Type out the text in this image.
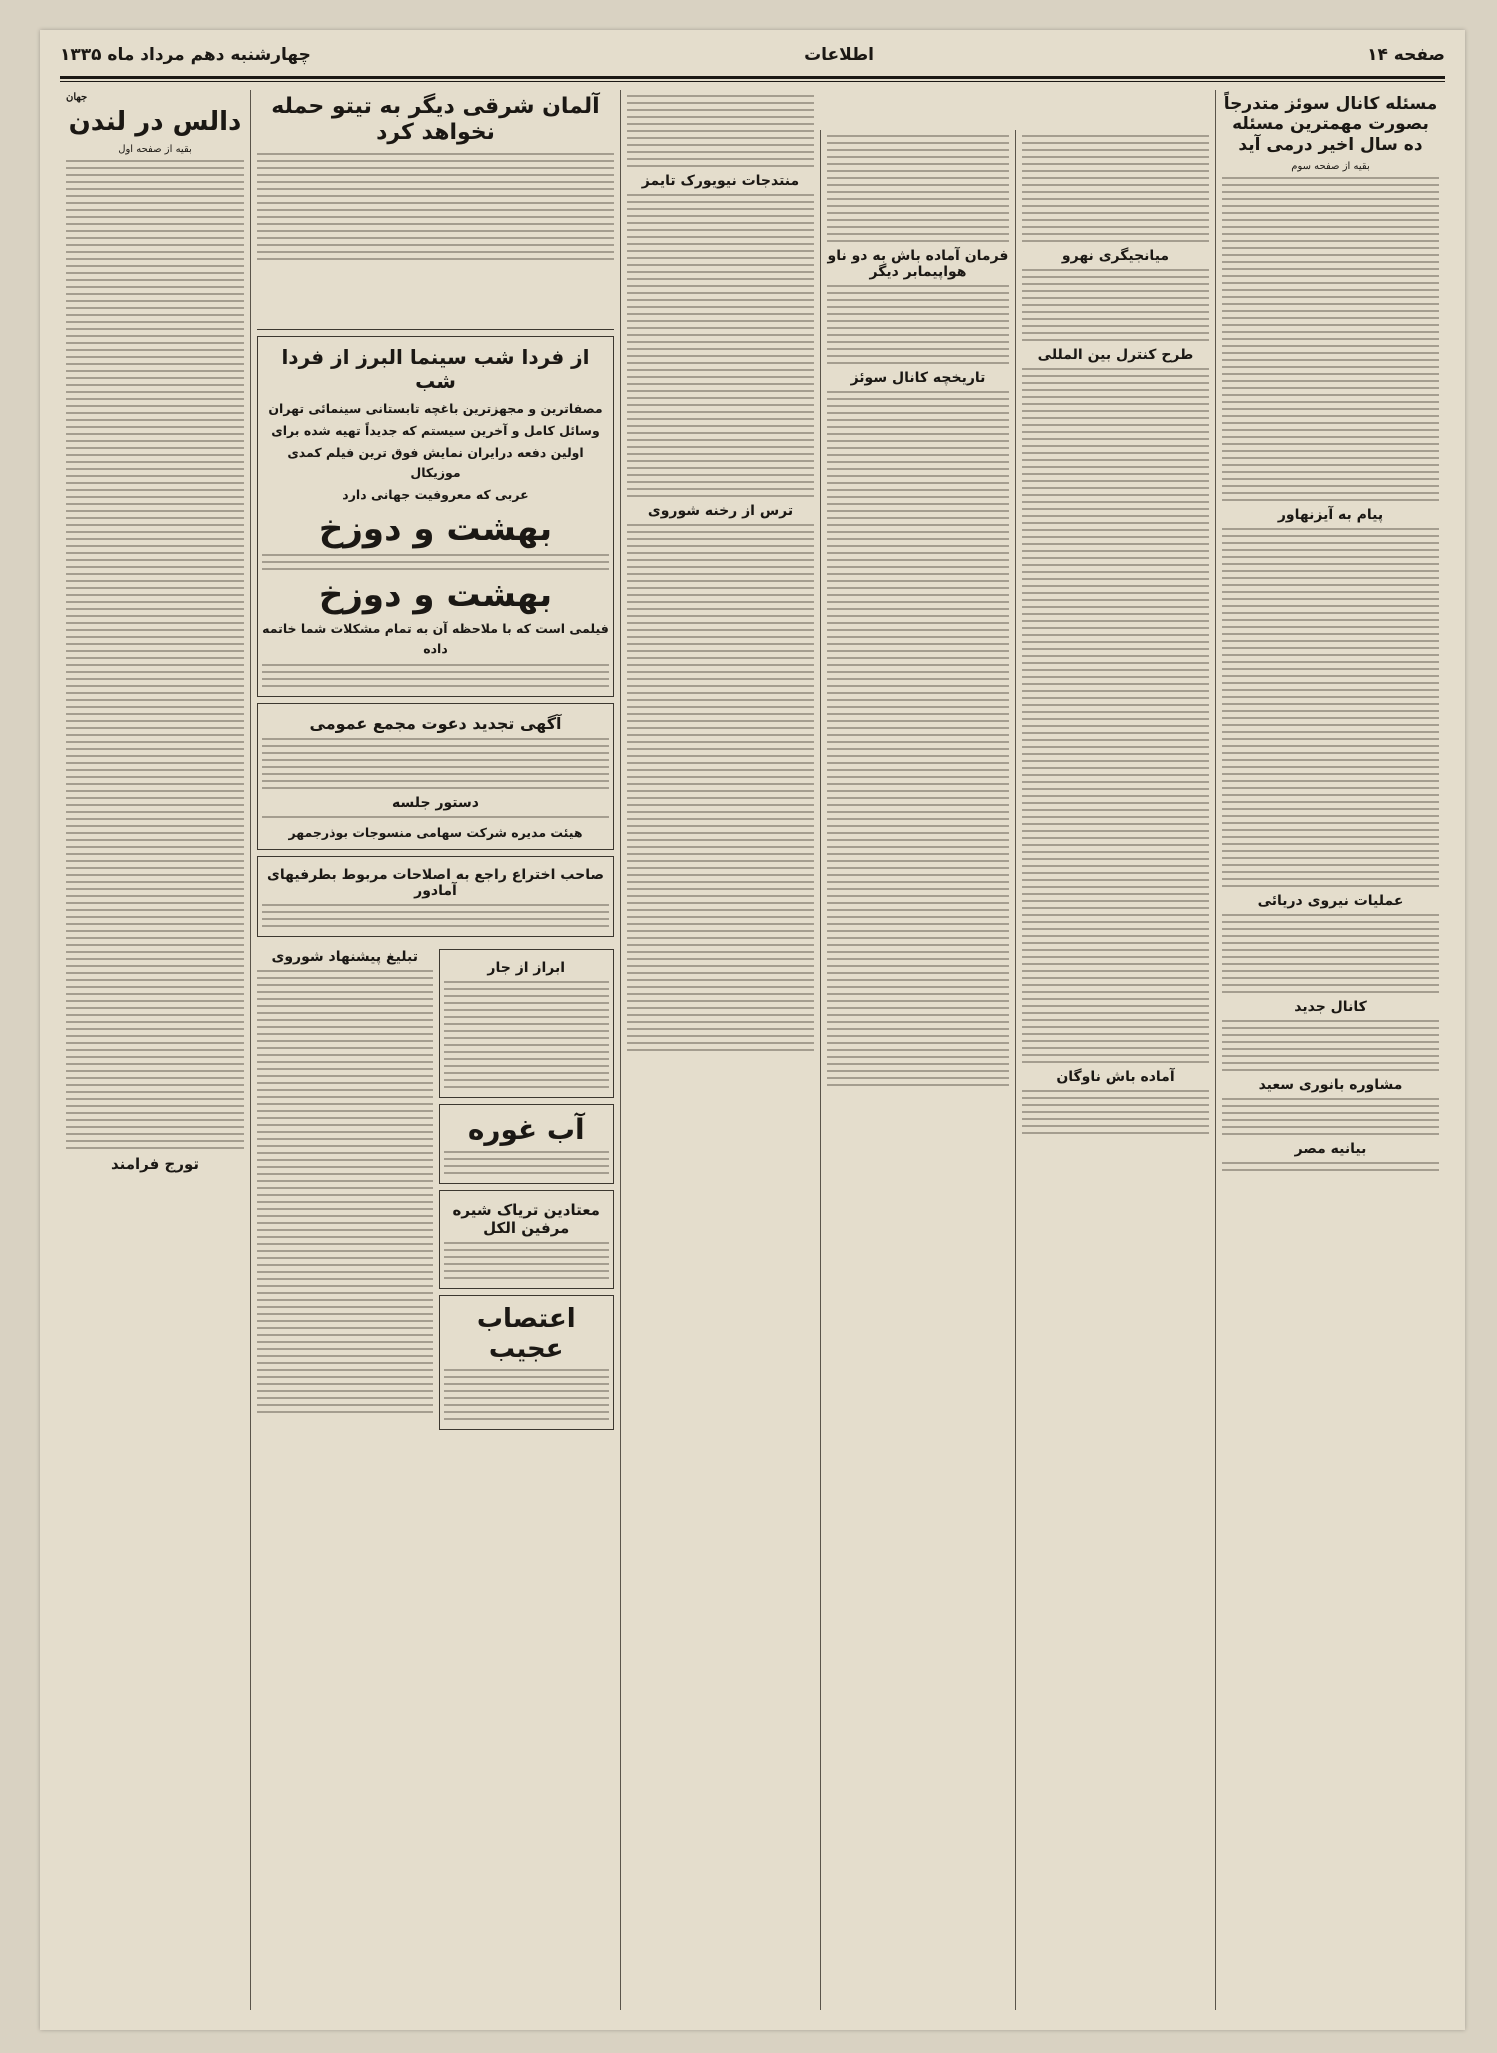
صفحه ۱۴
اطلاعات
چهارشنبه دهم مرداد ماه ۱۳۳۵
مسئله کانال سوئز متدرجاً بصورت مهمترین مسئله ده سال اخیر درمی آید
بقیه از صفحه سوم
پیام به آیزنهاور
عملیات نیروی دریائی
کانال جدید
مشاوره بانوری سعید
بیانیه مصر
میانجیگری نهرو
طرح کنترل بین المللی
آماده باش ناوگان
فرمان آماده باش به دو ناو هواپیمابر دیگر
تاریخچه کانال سوئز
منتدجات نیویورک تایمز
ترس از رخنه شوروی
آلمان شرقی دیگر به تیتو حمله نخواهد کرد
از فردا شب سینما البرز از فردا شب
مصفاترین و مجهزترین باغچه تابستانی سینمائی تهران
وسائل کامل و آخرین سیستم که جدیداً تهیه شده برای
اولین دفعه درایران نمایش فوق ترین فیلم کمدی موزیکال
عربی که معروفیت جهانی دارد
بهشت و دوزخ
بهشت و دوزخ
فیلمی است که با ملاحظه آن به تمام مشکلات شما خاتمه داده
آگهی تجدید دعوت مجمع عمومی
دستور جلسه
هیئت مدیره شرکت سهامی منسوجات بوذرجمهر
صاحب اختراع راجع به اصلاحات مربوط بطرفیهای آمادور
ابراز از جار
آب غوره
معتادین تریاک شیره مرفین الکل
اعتصاب عجیب
تبلیغ پیشنهاد شوروی
جهان
دالس در لندن
بقیه از صفحه اول
تورج فرامند
